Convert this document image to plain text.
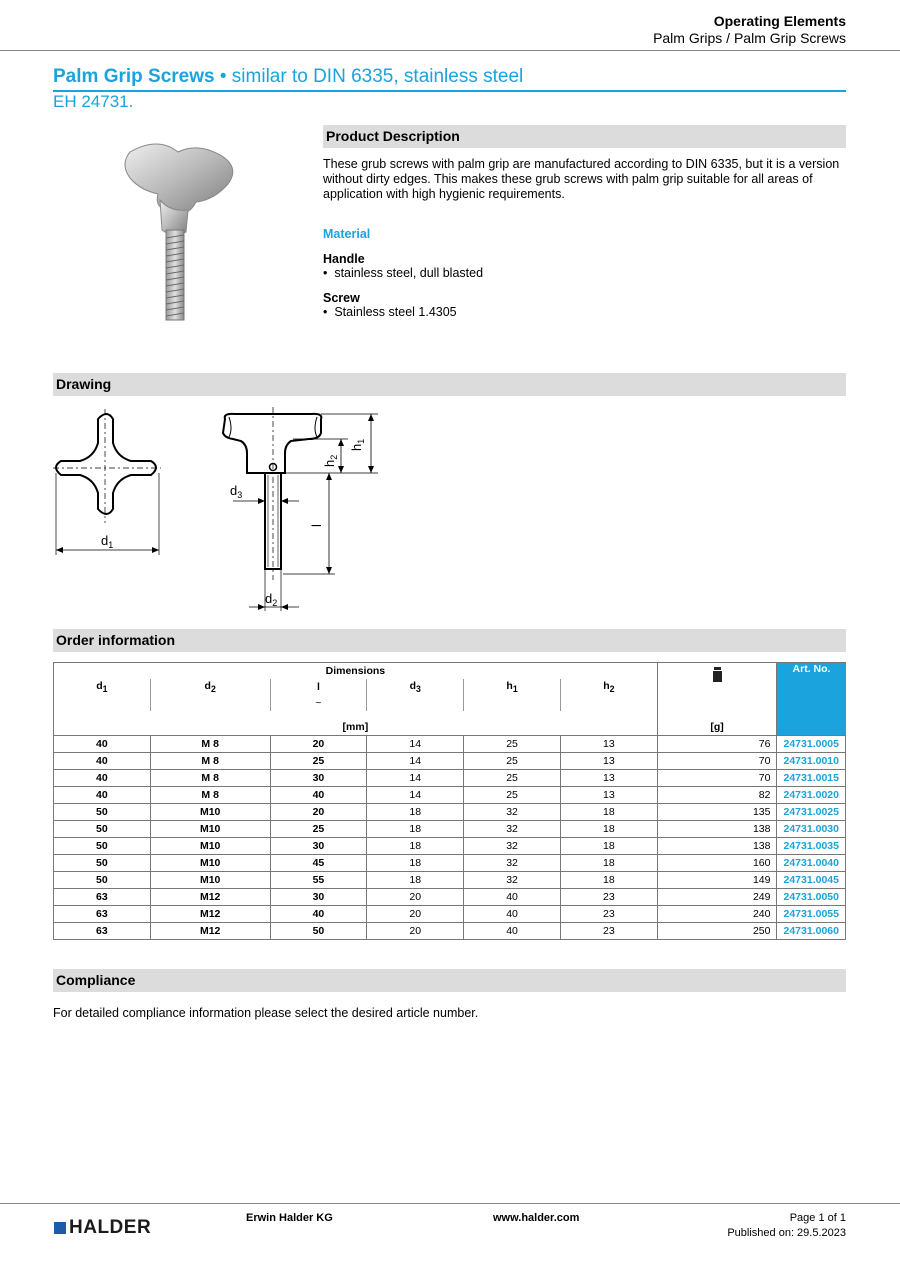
Operating Elements
Palm Grips / Palm Grip Screws
Palm Grip Screws • similar to DIN 6335, stainless steel
EH 24731.
Product Description
These grub screws with palm grip are manufactured according to DIN 6335, but it is a version without dirty edges. This makes these grub screws with palm grip suitable for all areas of application with high hygienic requirements.
Material
Handle
•  stainless steel, dull blasted
Screw
•  Stainless steel 1.4305
Drawing
$d_1$
$h_1$
$h_2$
l
$d_3$
$d_2$
Order information
Dimensions							Art. No.
$d_1$	$d_2$	l	$d_3$	$h_1$	$h_2$
		~					

[mm]						[g]	
40	M 8	20	14	25	13	76	24731.0005
40	M 8	25	14	25	13	70	24731.0010
40	M 8	30	14	25	13	70	24731.0015
40	M 8	40	14	25	13	82	24731.0020
50	M10	20	18	32	18	135	24731.0025
50	M10	25	18	32	18	138	24731.0030
50	M10	30	18	32	18	138	24731.0035
50	M10	45	18	32	18	160	24731.0040
50	M10	55	18	32	18	149	24731.0045
63	M12	30	20	40	23	249	24731.0050
63	M12	40	20	40	23	240	24731.0055
63	M12	50	20	40	23	250	24731.0060
Compliance
For detailed compliance information please select the desired article number.
HALDER	Erwin Halder KG	www.halder.com	Page 1 of 1
Published on: 29.5.2023
